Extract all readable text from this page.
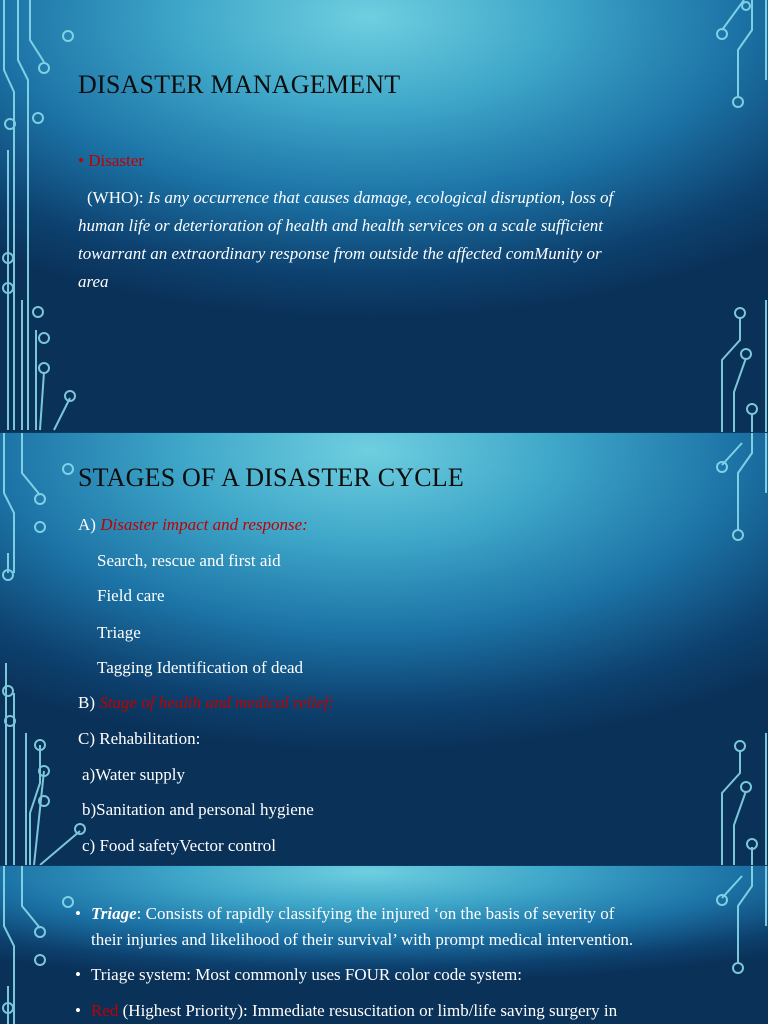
DISASTER MANAGEMENT
• Disaster
(WHO): Is any occurrence that causes damage, ecological disruption, loss of
human life or deterioration of health and health services on a scale sufficient
towarrant an extraordinary response from outside the affected comMunity or
area
STAGES OF A DISASTER CYCLE
A) Disaster impact and response:
Search, rescue and first aid
Field care
Triage
Tagging Identification of dead
B) Stage of health and medical relief:
C) Rehabilitation:
a)Water supply
b)Sanitation and personal hygiene
c) Food safetyVector control
• Triage: Consists of rapidly classifying the injured ‘on the basis of severity of
their injuries and likelihood of their survival’ with prompt medical intervention.
• Triage system: Most commonly uses FOUR color code system:
• Red (Highest Priority): Immediate resuscitation or limb/life saving surgery in
